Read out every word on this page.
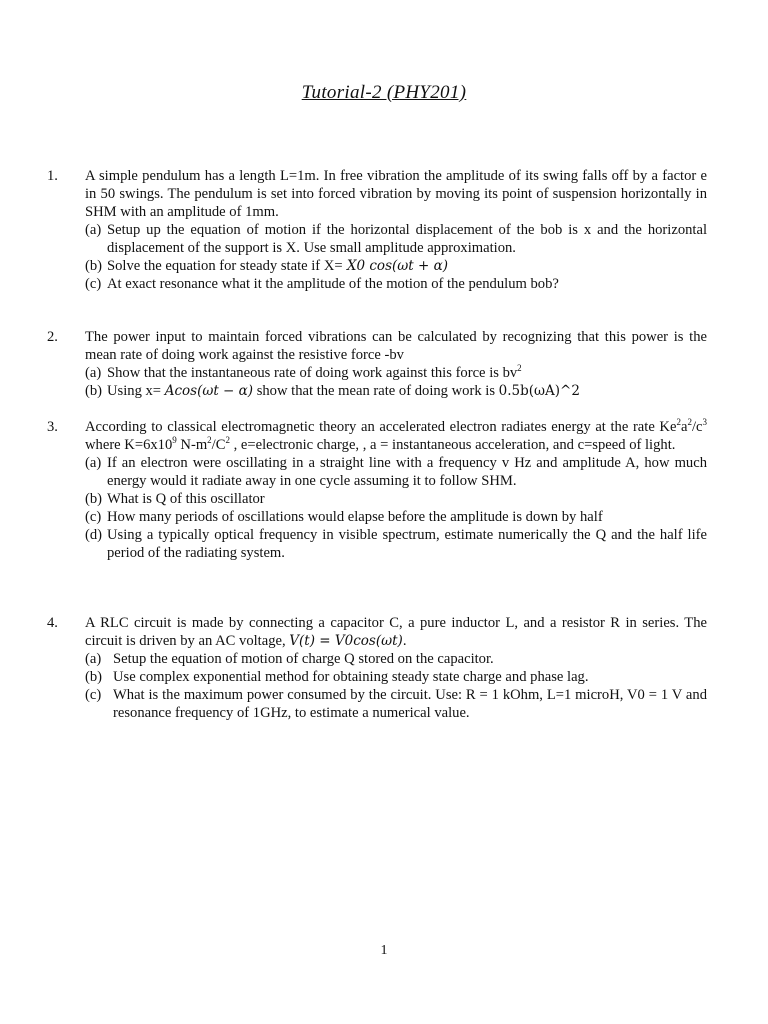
Tutorial-2 (PHY201)
1. A simple pendulum has a length L=1m. In free vibration the amplitude of its swing falls off by a factor e in 50 swings. The pendulum is set into forced vibration by moving its point of suspension horizontally in SHM with an amplitude of 1mm.
(a) Setup up the equation of motion if the horizontal displacement of the bob is x and the horizontal displacement of the support is X. Use small amplitude approximation.
(b) Solve the equation for steady state if X= X0 cos(ωt + α)
(c) At exact resonance what it the amplitude of the motion of the pendulum bob?
2. The power input to maintain forced vibrations can be calculated by recognizing that this power is the mean rate of doing work against the resistive force -bv
(a) Show that the instantaneous rate of doing work against this force is $bv^2$
(b) Using x= Acos(ωt − α) show that the mean rate of doing work is 0.5b(ωA)^2
3. According to classical electromagnetic theory an accelerated electron radiates energy at the rate $Ke^2a^2/c^3$ where $K=6x10^9$ $N-m^2/C^2$ , e=electronic charge, , a = instantaneous acceleration, and c=speed of light.
(a) If an electron were oscillating in a straight line with a frequency v Hz and amplitude A, how much energy would it radiate away in one cycle assuming it to follow SHM.
(b) What is Q of this oscillator
(c) How many periods of oscillations would elapse before the amplitude is down by half
(d) Using a typically optical frequency in visible spectrum, estimate numerically the Q and the half life period of the radiating system.
4. A RLC circuit is made by connecting a capacitor C, a pure inductor L, and a resistor R in series. The circuit is driven by an AC voltage, V(t) = V0cos(ωt).
(a) Setup the equation of motion of charge Q stored on the capacitor.
(b) Use complex exponential method for obtaining steady state charge and phase lag.
(c) What is the maximum power consumed by the circuit. Use: R = 1 kOhm, L=1 microH, V0 = 1 V and resonance frequency of 1GHz, to estimate a numerical value.
1
